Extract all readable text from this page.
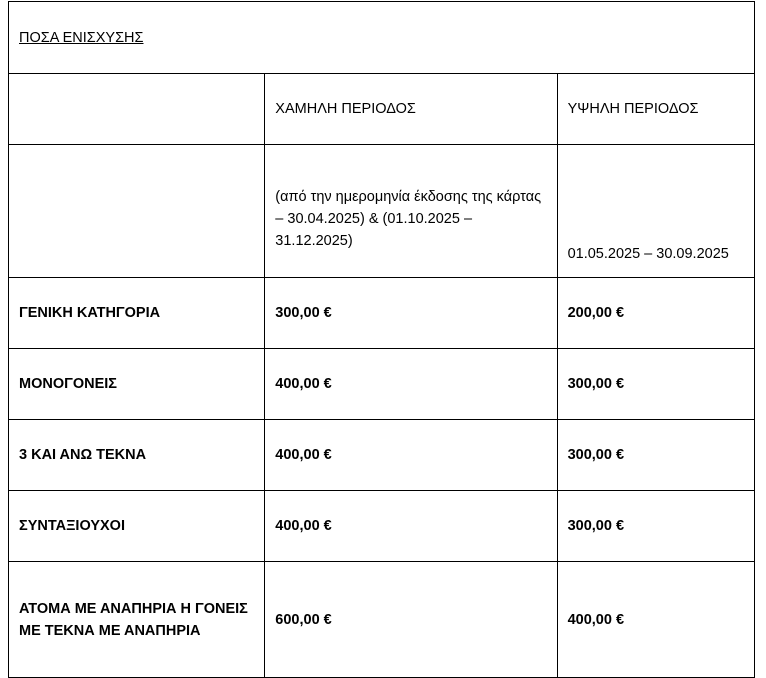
ΠΟΣΑ ΕΝΙΣΧΥΣΗΣ		
	ΧΑΜΗΛΗ ΠΕΡΙΟΔΟΣ	ΥΨΗΛΗ ΠΕΡΙΟΔΟΣ
	(από την ημερομηνία έκδοσης της κάρτας – 30.04.2025) & (01.10.2025 – 31.12.2025)	01.05.2025 – 30.09.2025
ΓΕΝΙΚΗ ΚΑΤΗΓΟΡΙΑ	300,00 €	200,00 €
ΜΟΝΟΓΟΝΕΙΣ	400,00 €	300,00 €
3 ΚΑΙ ΑΝΩ ΤΕΚΝΑ	400,00 €	300,00 €
ΣΥΝΤΑΞΙΟΥΧΟΙ	400,00 €	300,00 €
ΑΤΟΜΑ ΜΕ ΑΝΑΠΗΡΙΑ Η ΓΟΝΕΙΣ ΜΕ ΤΕΚΝΑ ΜΕ ΑΝΑΠΗΡΙΑ	600,00 €	400,00 €
